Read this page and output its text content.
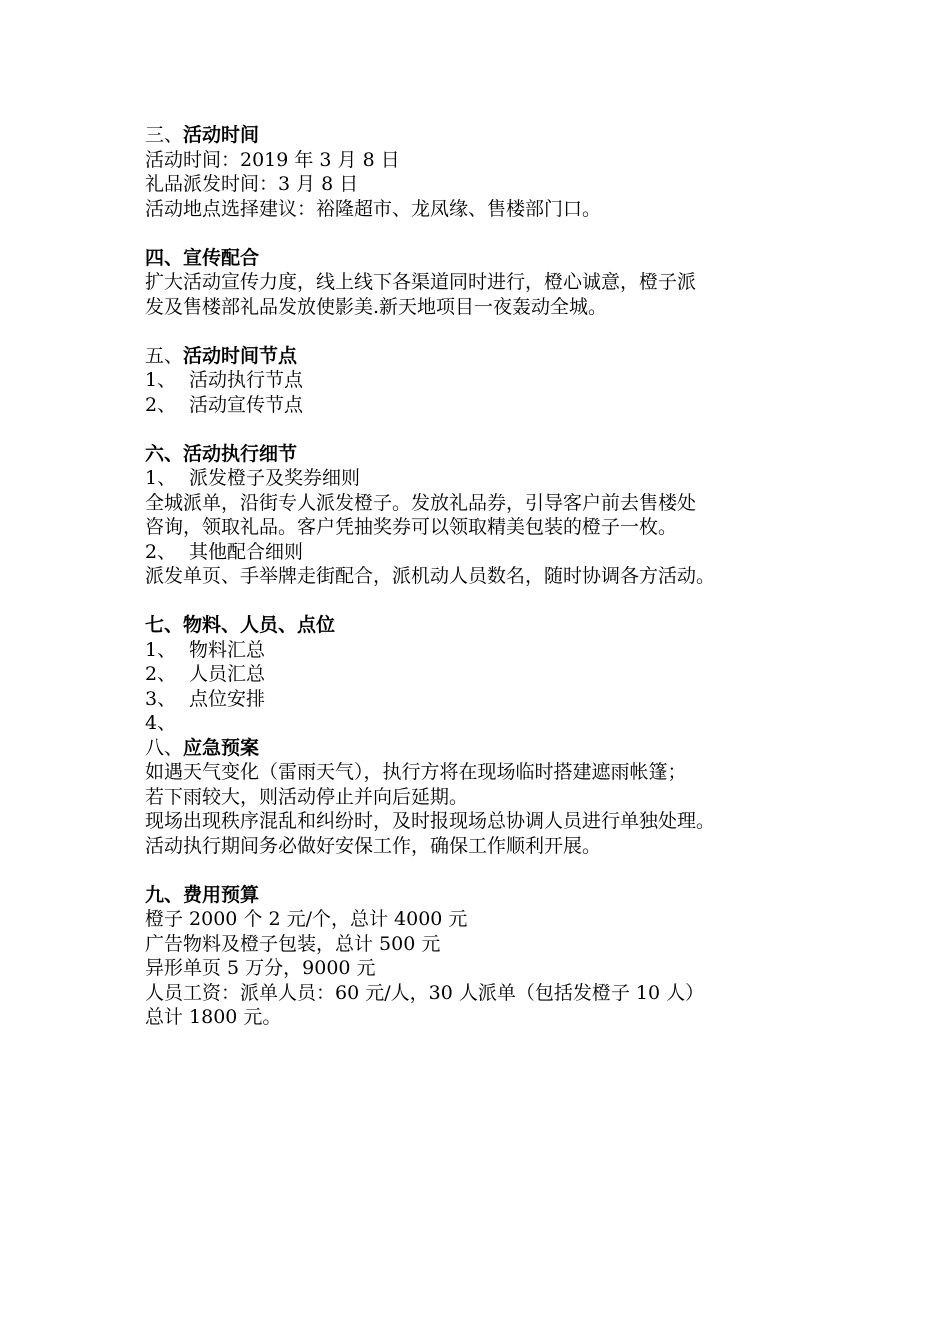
三、活动时间
活动时间：2019 年 3 月 8 日
礼品派发时间：3 月 8 日
活动地点选择建议：裕隆超市、龙凤缘、售楼部门口。
四、宣传配合
扩大活动宣传力度，线上线下各渠道同时进行，橙心诚意，橙子派
发及售楼部礼品发放使影美.新天地项目一夜轰动全城。
五、活动时间节点
1、 活动执行节点
2、 活动宣传节点
六、活动执行细节
1、 派发橙子及奖券细则
全城派单，沿街专人派发橙子。发放礼品券，引导客户前去售楼处
咨询，领取礼品。客户凭抽奖券可以领取精美包装的橙子一枚。
2、 其他配合细则
派发单页、手举牌走街配合，派机动人员数名，随时协调各方活动。
七、物料、人员、点位
1、 物料汇总
2、 人员汇总
3、 点位安排
4、
八、应急预案
如遇天气变化（雷雨天气），执行方将在现场临时搭建遮雨帐篷；
若下雨较大，则活动停止并向后延期。
现场出现秩序混乱和纠纷时，及时报现场总协调人员进行单独处理。
活动执行期间务必做好安保工作，确保工作顺利开展。
九、费用预算
橙子 2000 个 2 元/个，总计 4000 元
广告物料及橙子包装，总计 500 元
异形单页 5 万分，9000 元
人员工资：派单人员：60 元/人，30 人派单（包括发橙子 10 人）
总计 1800 元。
